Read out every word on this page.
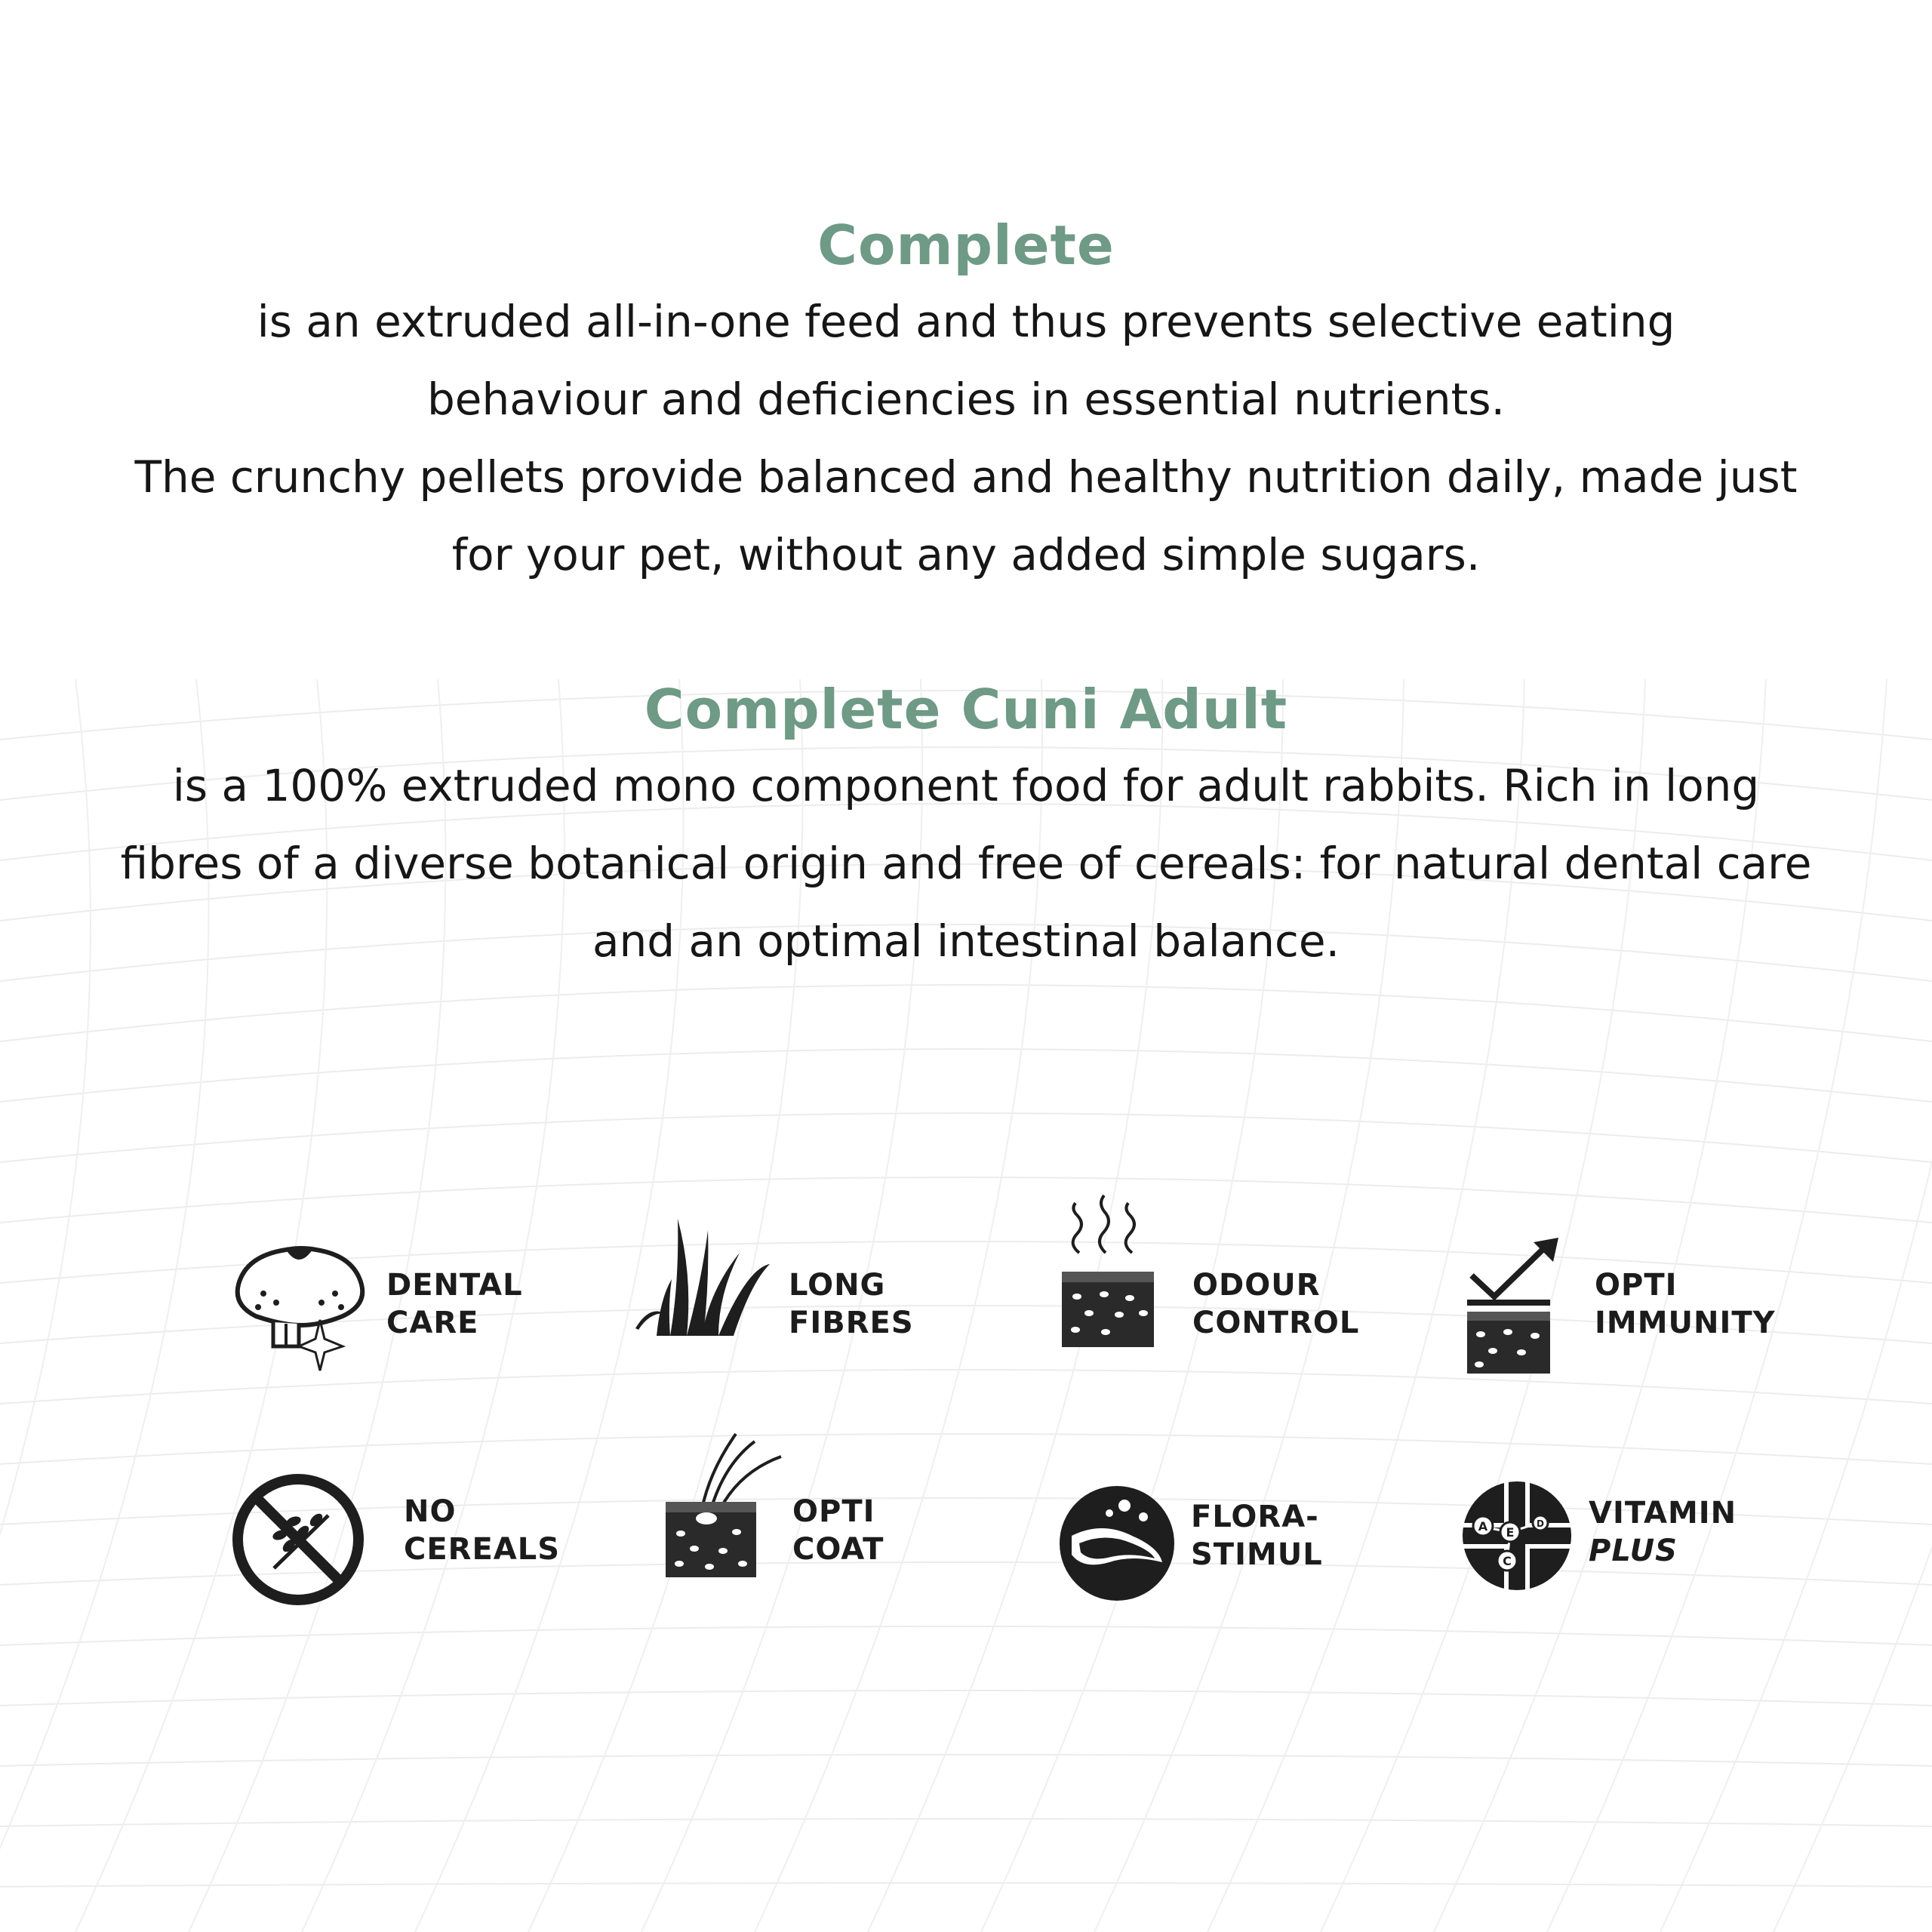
Complete
is an extruded all-in-one feed and thus prevents selective eating
behaviour and deficiencies in essential nutrients.
The crunchy pellets provide balanced and healthy nutrition daily, made just
for your pet, without any added simple sugars.
Complete Cuni Adult
is a 100% extruded mono component food for adult rabbits. Rich in long
fibres of a diverse botanical origin and free of cereals: for natural dental care
and an optimal intestinal balance.
DENTAL
CARE
LONG
FIBRES
ODOUR
CONTROL
OPTI
IMMUNITY
NO
CEREALS
OPTI
COAT
FLORA-
STIMUL
A E
D
C
VITAMIN
PLUS
